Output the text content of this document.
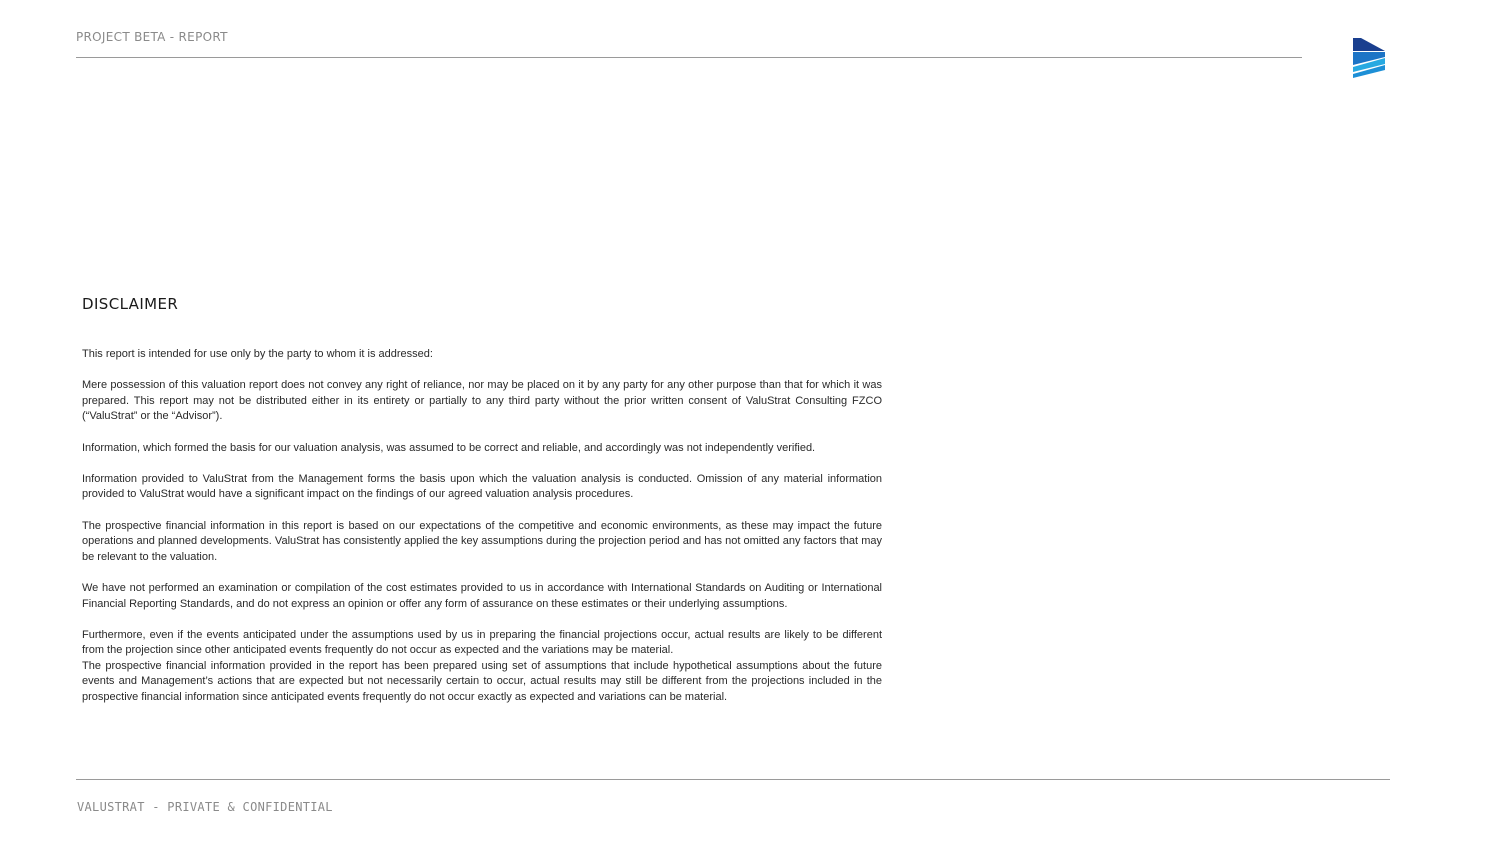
PROJECT BETA - REPORT
DISCLAIMER

This report is intended for use only by the party to whom it is addressed:

Mere possession of this valuation report does not convey any right of reliance, nor may be placed on it by any party for any other purpose than that for which it was prepared. This report may not be distributed either in its entirety or partially to any third party without the prior written consent of ValuStrat Consulting FZCO (“ValuStrat” or the “Advisor”).

Information, which formed the basis for our valuation analysis, was assumed to be correct and reliable, and accordingly was not independently verified.

Information provided to ValuStrat from the Management forms the basis upon which the valuation analysis is conducted. Omission of any material information provided to ValuStrat would have a significant impact on the findings of our agreed valuation analysis procedures.

The prospective financial information in this report is based on our expectations of the competitive and economic environments, as these may impact the future operations and planned developments. ValuStrat has consistently applied the key assumptions during the projection period and has not omitted any factors that may be relevant to the valuation.

We have not performed an examination or compilation of the cost estimates provided to us in accordance with International Standards on Auditing or International Financial Reporting Standards, and do not express an opinion or offer any form of assurance on these estimates or their underlying assumptions.

Furthermore, even if the events anticipated under the assumptions used by us in preparing the financial projections occur, actual results are likely to be different from the projection since other anticipated events frequently do not occur as expected and the variations may be material.

The prospective financial information provided in the report has been prepared using set of assumptions that include hypothetical assumptions about the future events and Management’s actions that are expected but not necessarily certain to occur, actual results may still be different from the projections included in the prospective financial information since anticipated events frequently do not occur exactly as expected and variations can be material.

VALUSTRAT - PRIVATE & CONFIDENTIAL
